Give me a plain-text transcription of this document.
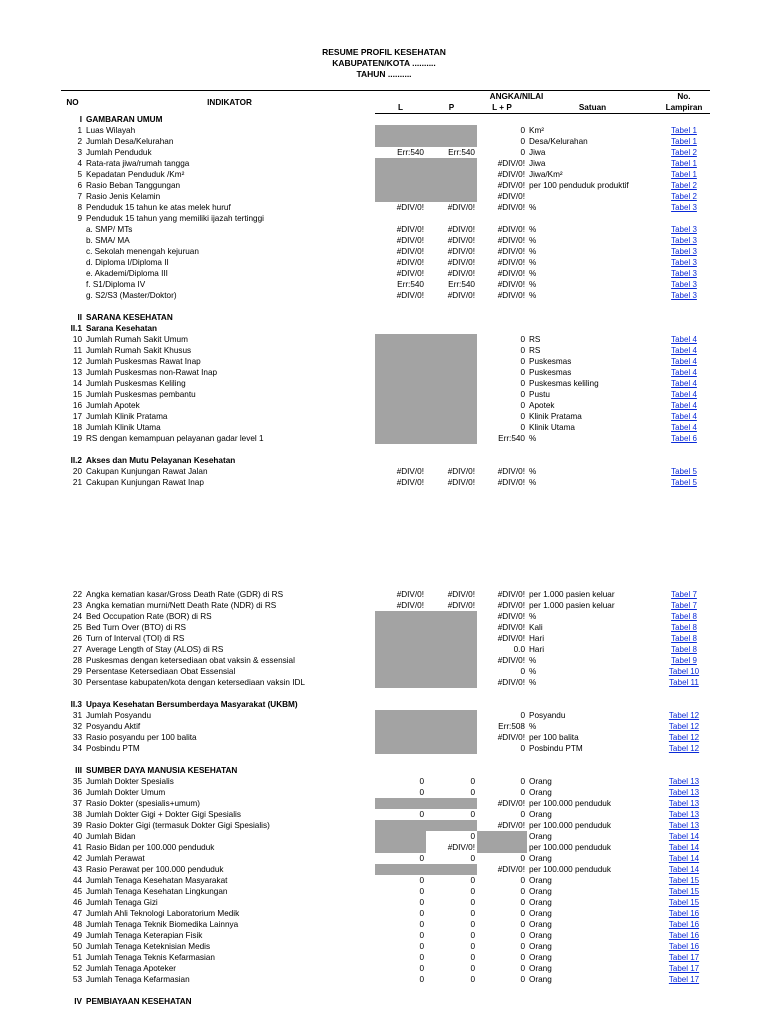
RESUME PROFIL KESEHATAN
KABUPATEN/KOTA ..........
TAHUN ..........
NO	INDIKATOR	ANGKA/NILAI				No.
		L	P	L + P	Satuan	Lampiran
I	GAMBARAN UMUM					
1	Luas Wilayah			0	Km²	Tabel 1
2	Jumlah Desa/Kelurahan			0	Desa/Kelurahan	Tabel 1
3	Jumlah Penduduk	Err:540	Err:540	0	Jiwa	Tabel 2
4	Rata-rata jiwa/rumah tangga			#DIV/0!	Jiwa	Tabel 1
5	Kepadatan Penduduk /Km²			#DIV/0!	Jiwa/Km²	Tabel 1
6	Rasio Beban Tanggungan			#DIV/0!	per 100 penduduk produktif	Tabel 2
7	Rasio Jenis Kelamin			#DIV/0!		Tabel 2
8	Penduduk 15 tahun ke atas melek huruf	#DIV/0!	#DIV/0!	#DIV/0!	%	Tabel 3
9	Penduduk 15 tahun yang memiliki ijazah tertinggi					
	a. SMP/ MTs	#DIV/0!	#DIV/0!	#DIV/0!	%	Tabel 3
	b. SMA/ MA	#DIV/0!	#DIV/0!	#DIV/0!	%	Tabel 3
	c. Sekolah menengah kejuruan	#DIV/0!	#DIV/0!	#DIV/0!	%	Tabel 3
	d. Diploma I/Diploma II	#DIV/0!	#DIV/0!	#DIV/0!	%	Tabel 3
	e. Akademi/Diploma III	#DIV/0!	#DIV/0!	#DIV/0!	%	Tabel 3
	f. S1/Diploma IV	Err:540	Err:540	#DIV/0!	%	Tabel 3
	g. S2/S3 (Master/Doktor)	#DIV/0!	#DIV/0!	#DIV/0!	%	Tabel 3

II	SARANA KESEHATAN					
II.1	Sarana Kesehatan					
10	Jumlah Rumah Sakit Umum			0	RS	Tabel 4
11	Jumlah Rumah Sakit Khusus			0	RS	Tabel 4
12	Jumlah Puskesmas Rawat Inap			0	Puskesmas	Tabel 4
13	Jumlah Puskesmas non-Rawat Inap			0	Puskesmas	Tabel 4
14	Jumlah Puskesmas Keliling			0	Puskesmas keliling	Tabel 4
15	Jumlah Puskesmas pembantu			0	Pustu	Tabel 4
16	Jumlah Apotek			0	Apotek	Tabel 4
17	Jumlah Klinik Pratama			0	Klinik Pratama	Tabel 4
18	Jumlah Klinik Utama			0	Klinik Utama	Tabel 4
19	RS dengan kemampuan pelayanan gadar level 1			Err:540	%	Tabel 6

II.2	Akses dan Mutu Pelayanan Kesehatan					
20	Cakupan Kunjungan Rawat Jalan	#DIV/0!	#DIV/0!	#DIV/0!	%	Tabel 5
21	Cakupan Kunjungan Rawat Inap	#DIV/0!	#DIV/0!	#DIV/0!	%	Tabel 5
22	Angka kematian kasar/Gross Death Rate (GDR) di RS	#DIV/0!	#DIV/0!	#DIV/0!	per 1.000 pasien keluar	Tabel 7
23	Angka kematian murni/Nett Death Rate (NDR) di RS	#DIV/0!	#DIV/0!	#DIV/0!	per 1.000 pasien keluar	Tabel 7
24	Bed Occupation Rate (BOR) di RS			#DIV/0!	%	Tabel 8
25	Bed Turn Over (BTO) di RS			#DIV/0!	Kali	Tabel 8
26	Turn of Interval (TOI) di RS			#DIV/0!	Hari	Tabel 8
27	Average Length of Stay (ALOS) di RS			0.0	Hari	Tabel 8
28	Puskesmas dengan ketersediaan obat vaksin & essensial			#DIV/0!	%	Tabel 9
29	Persentase Ketersediaan Obat Essensial			0	%	Tabel 10
30	Persentase kabupaten/kota dengan ketersediaan vaksin IDL			#DIV/0!	%	Tabel 11

II.3	Upaya Kesehatan Bersumberdaya Masyarakat (UKBM)					
31	Jumlah Posyandu			0	Posyandu	Tabel 12
32	Posyandu Aktif			Err:508	%	Tabel 12
33	Rasio posyandu per 100 balita			#DIV/0!	per 100 balita	Tabel 12
34	Posbindu PTM			0	Posbindu PTM	Tabel 12

III	SUMBER DAYA MANUSIA KESEHATAN					
35	Jumlah Dokter Spesialis	0	0	0	Orang	Tabel 13
36	Jumlah Dokter Umum	0	0	0	Orang	Tabel 13
37	Rasio Dokter (spesialis+umum)			#DIV/0!	per 100.000 penduduk	Tabel 13
38	Jumlah Dokter Gigi + Dokter Gigi Spesialis	0	0	0	Orang	Tabel 13
39	Rasio Dokter Gigi (termasuk Dokter Gigi Spesialis)			#DIV/0!	per 100.000 penduduk	Tabel 13
40	Jumlah Bidan		0		Orang	Tabel 14
41	Rasio Bidan per 100.000 penduduk		#DIV/0!		per 100.000 penduduk	Tabel 14
42	Jumlah Perawat	0	0	0	Orang	Tabel 14
43	Rasio Perawat per 100.000 penduduk			#DIV/0!	per 100.000 penduduk	Tabel 14
44	Jumlah Tenaga Kesehatan Masyarakat	0	0	0	Orang	Tabel 15
45	Jumlah Tenaga Kesehatan Lingkungan	0	0	0	Orang	Tabel 15
46	Jumlah Tenaga Gizi	0	0	0	Orang	Tabel 15
47	Jumlah Ahli Teknologi Laboratorium Medik	0	0	0	Orang	Tabel 16
48	Jumlah Tenaga Teknik Biomedika Lainnya	0	0	0	Orang	Tabel 16
49	Jumlah Tenaga Keterapian Fisik	0	0	0	Orang	Tabel 16
50	Jumlah Tenaga Keteknisian Medis	0	0	0	Orang	Tabel 16
51	Jumlah Tenaga Teknis Kefarmasian	0	0	0	Orang	Tabel 17
52	Jumlah Tenaga Apoteker	0	0	0	Orang	Tabel 17
53	Jumlah Tenaga Kefarmasian	0	0	0	Orang	Tabel 17

IV	PEMBIAYAAN KESEHATAN					
